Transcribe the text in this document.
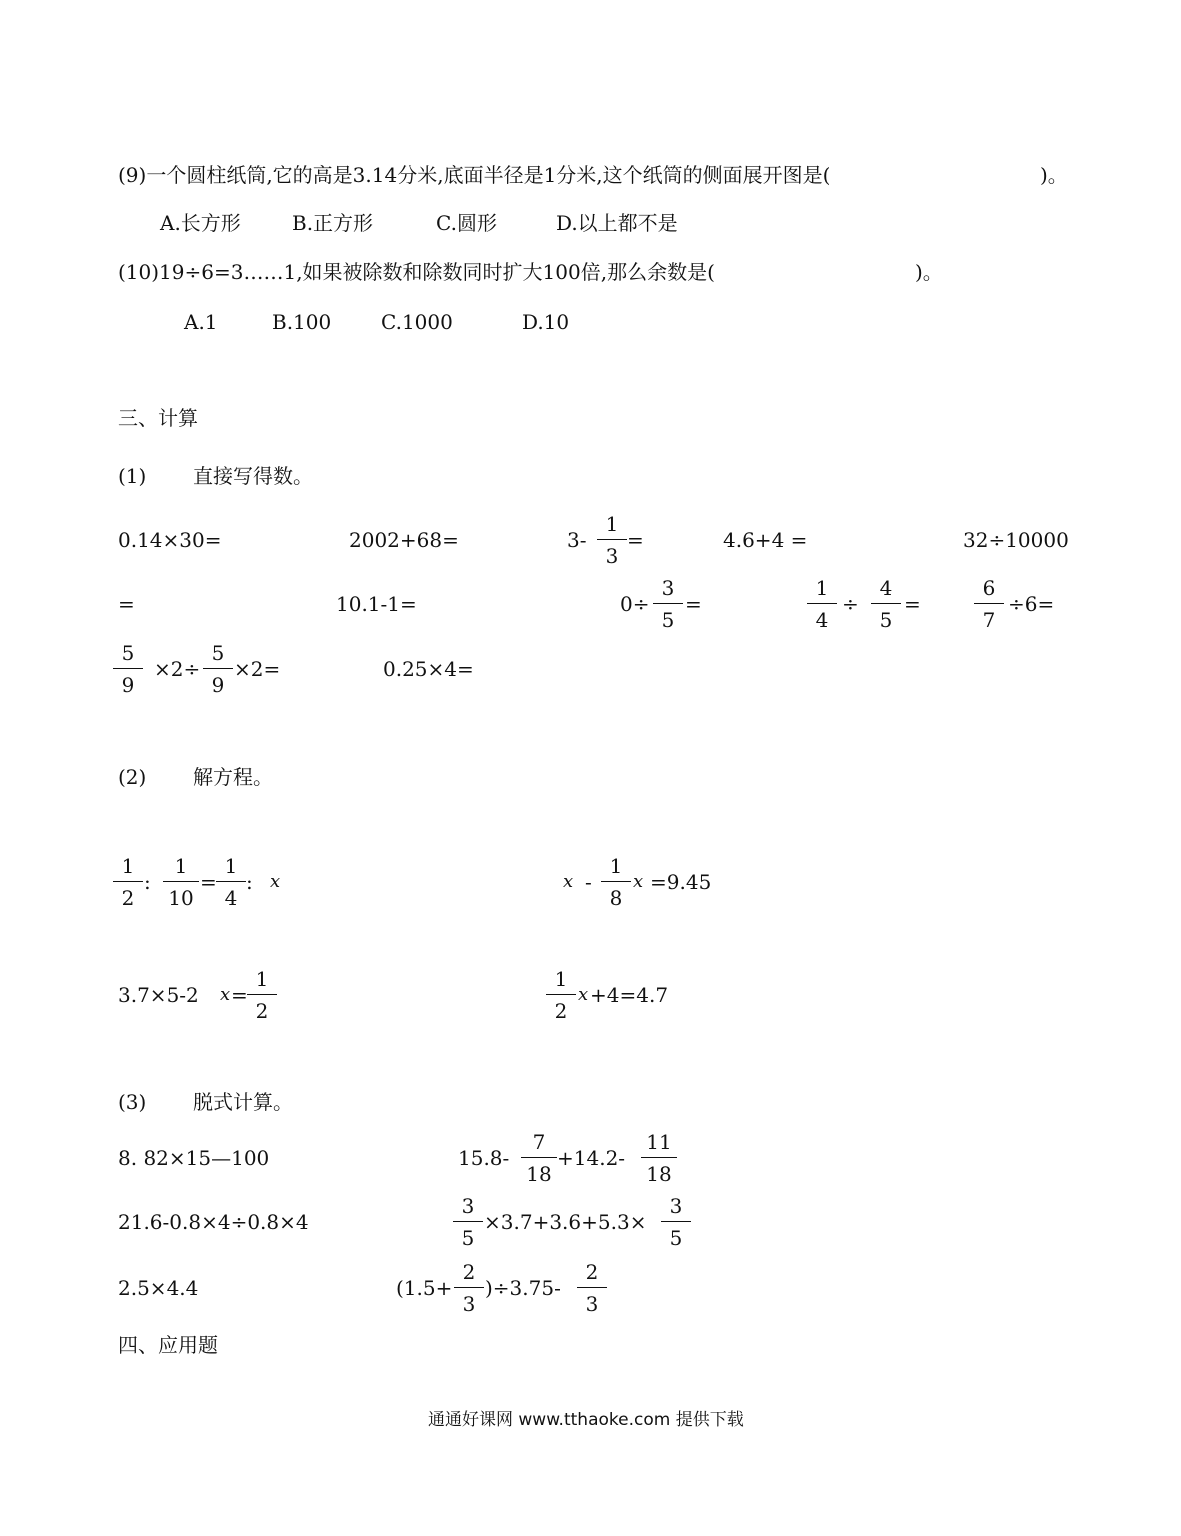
(9)一个圆柱纸筒,它的高是3.14分米,底面半径是1分米,这个纸筒的侧面展开图是(	)。
A.长方形	B.正方形	C.圆形	D.以上都不是
(10)19÷6=3……1,如果被除数和除数同时扩大100倍,那么余数是(	)。
A.1	B.100 C.1000	D.10
三、计算
(1) 直接写得数。
0.14×30=	2002+68=	3-
1
3
=	4.6+4 =	32÷10000
=	10.1-1=	0÷
3
5
=
1
4
÷
4
5
=
6
7
÷6=
5
9
×2÷
5
9
×2=	0.25×4=
(2) 解方程。
1
2
:
1
10
=
1
4
: x	x -
1
8
x =9.45
3.7×5-2 x =
1
2
1
2
x +4=4.7
(3) 脱式计算。
8. 82×15—100	15.8-
7
18
+14.2-
11
18
21.6-0.8×4÷0.8×4
3
5
×3.7+3.6+5.3×
3
5
2.5×4.4	(1.5+
2
3
)÷3.75-
2
3
四、应用题
通通好课网 www.tthaoke.com 提供下载
